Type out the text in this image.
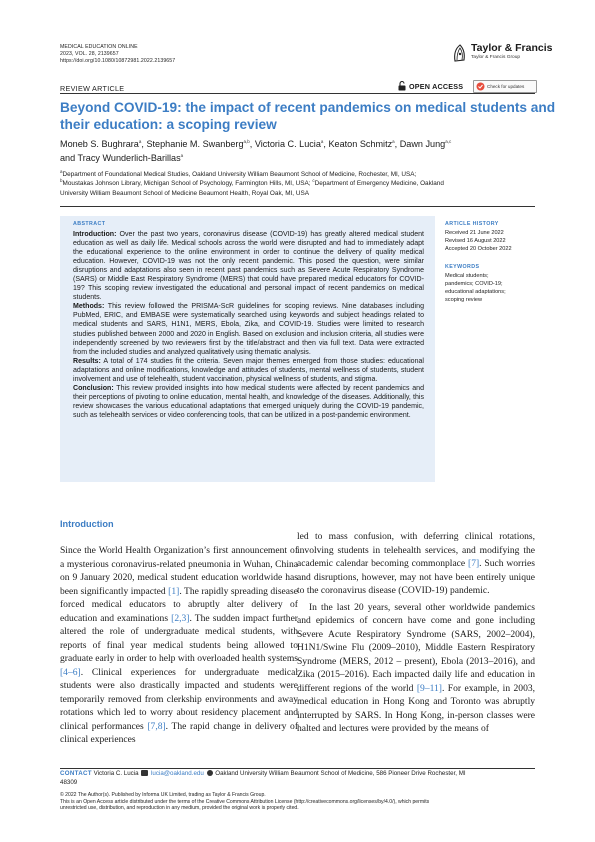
MEDICAL EDUCATION ONLINE
2023, VOL. 28, 2139657
https://doi.org/10.1080/10872981.2022.2139657
Taylor & Francis
Taylor & Francis Group
REVIEW ARTICLE	OPEN ACCESS	Check for updates
Beyond COVID-19: the impact of recent pandemics on medical students and
their education: a scoping review
Moneb S. Bughrara$^a$, Stephanie M. Swanberg$^{a,b}$, Victoria C. Lucia$^a$, Keaton Schmitz$^a$, Dawn Jung$^{a,c}$
and Tracy Wunderlich-Barillas$^a$
$^a$Department of Foundational Medical Studies, Oakland University William Beaumont School of Medicine, Rochester, MI, USA;
$^b$Moustakas Johnson Library, Michigan School of Psychology, Farmington Hills, MI, USA; $^c$Department of Emergency Medicine, Oakland
University William Beaumont School of Medicine Beaumont Health, Royal Oak, MI, USA
ABSTRACT

Introduction: Over the past two years, coronavirus disease (COVID-19) has greatly altered medical student education as well as daily life. Medical schools across the world were disrupted and had to immediately adapt the educational experience to the online environment in order to continue the delivery of quality medical education. However, COVID-19 was not the only recent pandemic. This posed the question, were similar disruptions and adaptations also seen in recent past pandemics such as Severe Acute Respiratory Syndrome (SARS) or Middle East Respiratory Syndrome (MERS) that could have prepared medical educators for COVID-19? This scoping review investigated the educational and personal impact of recent pandemics on medical students.

Methods: This review followed the PRISMA-ScR guidelines for scoping reviews. Nine databases including PubMed, ERIC, and EMBASE were systematically searched using keywords and subject headings related to medical students and SARS, H1N1, MERS, Ebola, Zika, and COVID-19. Studies were limited to research studies published between 2000 and 2020 in English. Based on exclusion and inclusion criteria, all studies were independently screened by two reviewers first by the title/abstract and then via full text. Data were extracted from the included studies and analyzed qualitatively using thematic analysis.

Results: A total of 174 studies fit the criteria. Seven major themes emerged from those studies: educational adaptations and online modifications, knowledge and attitudes of students, mental wellness of students, student involvement and use of telehealth, student vaccination, physical wellness of students, and stigma.

Conclusion: This review provided insights into how medical students were affected by recent pandemics and their perceptions of pivoting to online education, mental health, and knowledge of the diseases. Additionally, this review showcases the various educational adaptations that emerged uniquely during the COVID-19 pandemic, such as telehealth services or video conferencing tools, that can be utilized in a post-pandemic environment.

ARTICLE HISTORY
Received 21 June 2022
Revised 16 August 2022
Accepted 20 October 2022
KEYWORDS
Medical students;
pandemics; COVID-19;
educational adaptations;
scoping review
Introduction

Since the World Health Organization’s first announcement of a mysterious coronavirus-related pneumonia in Wuhan, China on 9 January 2020, medical student education worldwide has been significantly impacted [1]. The rapidly spreading disease forced medical educators to abruptly alter delivery of education and examinations [2,3]. The sudden impact further altered the role of undergraduate medical students, with reports of final year medical students being allowed to graduate early in order to help with overloaded health systems [4–6]. Clinical experiences for undergraduate medical students were also drastically impacted and students were temporarily removed from clerkship environments and away rotations which led to worry about residency placement and clinical performances [7,8]. The rapid change in delivery of clinical experiences

led to mass confusion, with deferring clinical rotations, involving students in telehealth services, and modifying the academic calendar becoming commonplace [7]. Such worries and disruptions, however, may not have been entirely unique to the coronavirus disease (COVID-19) pandemic.

In the last 20 years, several other worldwide pandemics and epidemics of concern have come and gone including Severe Acute Respiratory Syndrome (SARS, 2002–2004), H1N1/Swine Flu (2009–2010), Middle Eastern Respiratory Syndrome (MERS, 2012 – present), Ebola (2013–2016), and Zika (2015–2016). Each impacted daily life and education in different regions of the world [9–11]. For example, in 2003, medical education in Hong Kong and Toronto was abruptly interrupted by SARS. In Hong Kong, in-person classes were halted and lectures were provided by the means of

CONTACT Victoria C. Lucia lucia@oakland.edu Oakland University William Beaumont School of Medicine, 586 Pioneer Drive Rochester, MI
48309
© 2022 The Author(s). Published by Informa UK Limited, trading as Taylor & Francis Group.
This is an Open Access article distributed under the terms of the Creative Commons Attribution License (http://creativecommons.org/licenses/by/4.0/), which permits
unrestricted use, distribution, and reproduction in any medium, provided the original work is properly cited.
